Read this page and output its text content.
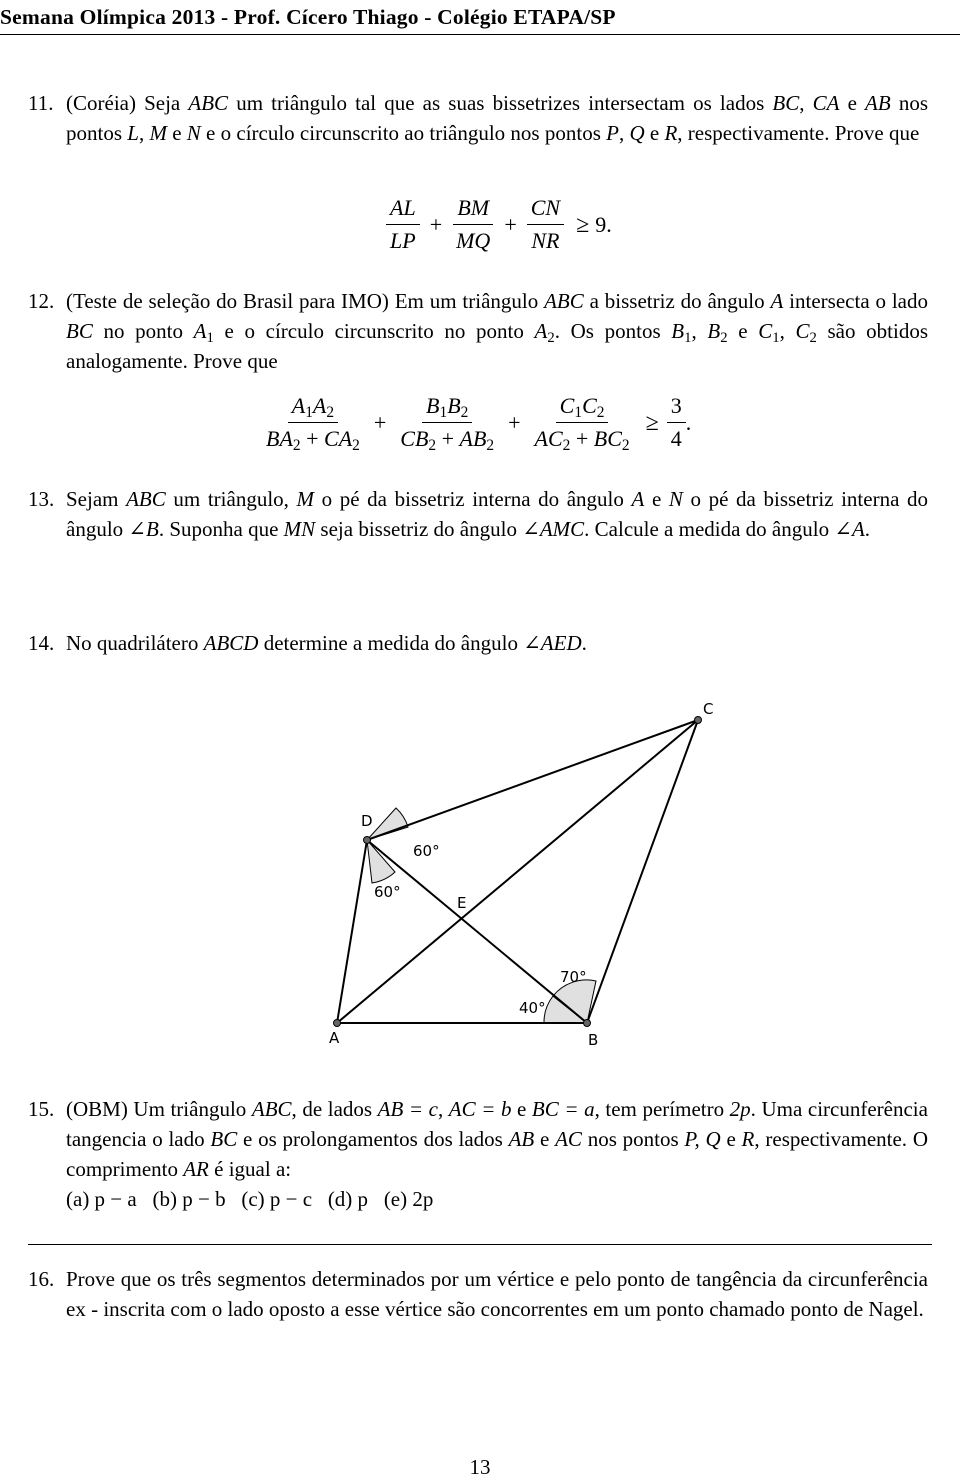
Semana Olímpica 2013 - Prof. Cícero Thiago - Colégio ETAPA/SP

11. (Coréia) Seja ABC um triângulo tal que as suas bissetrizes intersectam os lados BC, CA e AB nos pontos L, M e N e o círculo circunscrito ao triângulo nos pontos P, Q e R, respectivamente. Prove que

$\frac{AL}{LP} + \frac{BM}{MQ} + \frac{CN}{NR} \ge 9$.

12. (Teste de seleção do Brasil para IMO) Em um triângulo ABC a bissetriz do ângulo A intersecta o lado BC no ponto $A_1$ e o círculo circunscrito no ponto $A_2$. Os pontos $B_1$, $B_2$ e $C_1$, $C_2$ são obtidos analogamente. Prove que

$\frac{A_1A_2}{BA_2 + CA_2} + \frac{B_1B_2}{CB_2 + AB_2} + \frac{C_1C_2}{AC_2 + BC_2} \ge \frac{3}{4}$ .

13. Sejam ABC um triângulo, M o pé da bissetriz interna do ângulo A e N o pé da bissetriz interna do ângulo ∠B. Suponha que MN seja bissetriz do ângulo ∠AMC. Calcule a medida do ângulo ∠A.

14. No quadrilátero ABCD determine a medida do ângulo ∠AED.

A	B
C
D
E
60°
60°
40°
70°

15. (OBM) Um triângulo ABC, de lados AB = c, AC = b e BC = a, tem perímetro 2p. Uma circunferência tangencia o lado BC e os prolongamentos dos lados AB e AC nos pontos P, Q e R, respectivamente. O comprimento AR é igual a:

(a) p − a (b) p − b (c) p − c (d) p (e) 2p

16. Prove que os três segmentos determinados por um vértice e pelo ponto de tangência da circunferência ex - inscrita com o lado oposto a esse vértice são concorrentes em um ponto chamado ponto de Nagel.

13
